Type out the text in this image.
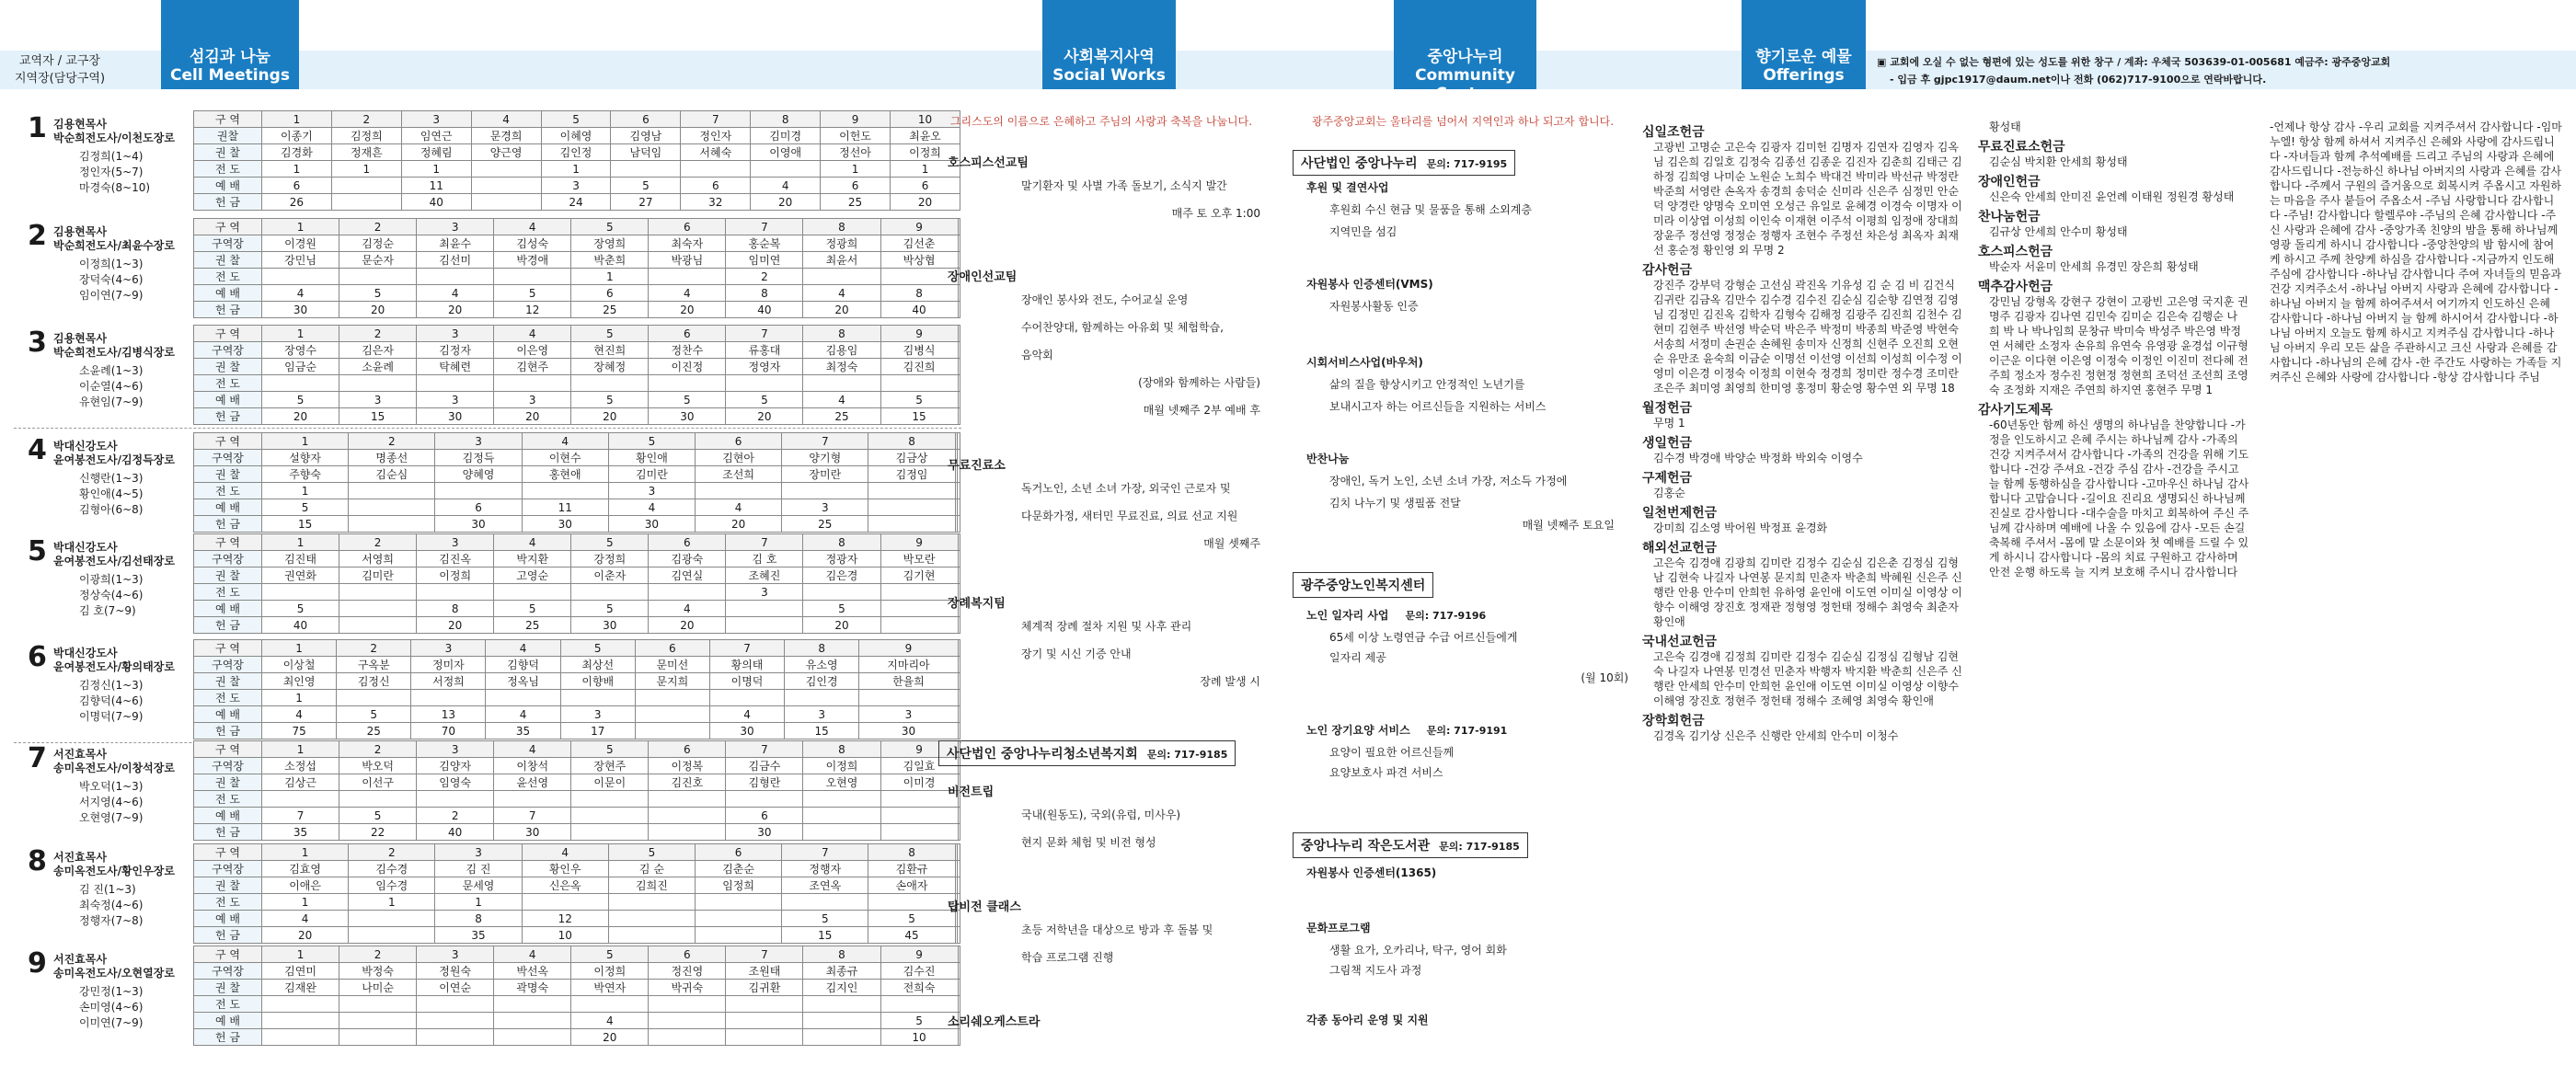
교역자 / 교구장
지역장(담당구역)
섬김과 나눔
Cell Meetings
사회복지사역
Social Works
중앙나누리
Community Center
향기로운 예물
Offerings
▣ 교회에 오실 수 없는 형편에 있는 성도를 위한 창구 / 계좌: 우체국 503639-01-005681 예금주: 광주중앙교회
- 입금 후 gjpc1917@daum.net이나 전화 (062)717-9100으로 연락바랍니다.
1 김용현목사
박순희전도사/이천도장로
김정희(1~4)
정인자(5~7)
마경숙(8~10)
구 역	1	2	3	4	5	6	7	8	9	10
권찰	이종기	김정희	임연근	문경희	이혜영	김영남	정인자	김미경	이헌도	최윤오
권 찰	김경화	정재흔	정혜림	양근영	김인정	남덕임	서혜숙	이영애	정선아	이정희
전 도	1	1	1		1				1	1
예 배	6		11		3	5	6	4	6	6
헌 금	26		40		24	27	32	20	25	20
2 김용현목사
박순희전도사/최윤수장로
이정희(1~3)
장덕숙(4~6)
임이연(7~9)
구 역	1	2	3	4	5	6	7	8	9	
구역장	이경원	김정순	최윤수	김성숙	장영희	최숙자	홍순복	정광희	김선춘	
권 찰	강민님	문순자	김선미	박경애	박춘희	박광님	임미연	최윤서	박상협	
전 도					1		2			
예 배	4	5	4	5	6	4	8	4	8	
헌 금	30	20	20	12	25	20	40	20	40	
3 김용현목사
박순희전도사/김병식장로
소윤례(1~3)
이순열(4~6)
유현임(7~9)
구 역	1	2	3	4	5	6	7	8	9	
구역장	장영수	김은자	김정자	이은영	현진희	정찬수	류홍대	김용임	김병식	
권 찰	임금순	소윤례	탁혜련	김현주	장혜정	이진정	정영자	최정숙	김진희	
전 도										
예 배	5	3	3	3	5	5	5	4	5	
헌 금	20	15	30	20	20	30	20	25	15	
4 박대신강도사
윤여봉전도사/김정득장로
신행란(1~3)
황인애(4~5)
김형아(6~8)
구 역	1	2	3	4	5	6	7	8		
구역장	설향자	명종선	김정득	이현수	황인애	김현아	양기형	김금상		
권 찰	주향숙	김순심	양혜영	홍현애	김미란	조선희	장미란	김정임		
전 도	1				3					
예 배	5		6	11	4	4	3			
헌 금	15		30	30	30	20	25			
5 박대신강도사
윤여봉전도사/김선태장로
이광희(1~3)
정상숙(4~6)
김 호(7~9)
구 역	1	2	3	4	5	6	7	8	9	
구역장	김진태	서영희	김진옥	박지환	강정희	김광숙	김 호	정광자	박모란	
권 찰	권연화	김미란	이정희	고영순	이춘자	김연실	조혜진	김은경	김기현	
전 도							3			
예 배	5		8	5	5	4		5		
헌 금	40		20	25	30	20		20		
6 박대신강도사
윤여봉전도사/황의태장로
김정신(1~3)
김향덕(4~6)
이명덕(7~9)
구 역	1	2	3	4	5	6	7	8	9	
구역장	이상철	구옥분	정미자	김향덕	최상선	문미선	황의태	유소영	지마리아	
권 찰	최인영	김정신	서정희	정옥님	이향배	문지희	이명덕	김인경	한율희	
전 도	1									
예 배	4	5	13	4	3		4	3	3	
헌 금	75	25	70	35	17		30	15	30	
7 서진효목사
송미옥전도사/이창석장로
박오덕(1~3)
서지영(4~6)
오현영(7~9)
구 역	1	2	3	4	5	6	7	8	9	
구역장	소정섭	박오덕	김양자	이창석	장현주	이정복	김금수	이정희	김일효	
권 찰	김상근	이선구	임영숙	윤선영	이문이	김진호	김형란	오현영	이미경	
전 도										
예 배	7	5	2	7			6			
헌 금	35	22	40	30			30			
8 서진효목사
송미옥전도사/황인우장로
김 진(1~3)
최숙정(4~6)
정행자(7~8)
구 역	1	2	3	4	5	6	7	8		
구역장	김효영	김수경	김 진	황인우	김 순	김춘순	정행자	김환규		
권 찰	이애은	임수경	문세영	신은옥	김희진	임정희	조연옥	손애자		
전 도	1	1	1							
예 배	4		8	12			5	5		
헌 금	20		35	10			15	45		
9 서진효목사
송미옥전도사/오현열장로
강민정(1~3)
손미영(4~6)
이미연(7~9)
구 역	1	2	3	4	5	6	7	8	9	
구역장	김연미	박정숙	정원숙	박선옥	이정희	정진영	조원태	최종규	김수진	
권 찰	김재완	나미순	이연순	곽명숙	박연자	박귀숙	김귀환	김지인	전희숙	
전 도										
예 배					4				5	
헌 금					20				10	
그리스도의 이름으로 은혜하고 주님의 사랑과 축복을 나눕니다.
호스피스선교팀
말기환자 및 사별 가족 돌보기, 소식지 발간
매주 토 오후 1:00
장애인선교팀
장애인 봉사와 전도, 수어교실 운영
수어찬양대, 함께하는 아유회 및 체험학습,
음악회
(장애와 함께하는 사람들)
매월 넷째주 2부 예배 후
무료진료소
독거노인, 소년 소녀 가장, 외국인 근로자 및
다문화가정, 새터민 무료진료, 의료 선교 지원
매월 셋째주
장례복지팀
체계적 장례 절차 지원 및 사후 관리
장기 및 시신 기증 안내
장례 발생 시
비전트립
국내(원동도), 국외(유럽, 미사우)
현지 문화 체험 및 비전 형성
탑비전 클래스
초등 저학년을 대상으로 방과 후 돌봄 및
학습 프로그램 진행
소리쉐오케스트라
사단법인 중앙나누리청소년복지회 문의: 717-9185
광주중앙교회는 울타리를 넘어서 지역인과 하나 되고자 합니다.
사단법인 중앙나누리 문의: 717-9195
후원 및 결연사업
후원회 수신 현금 및 물품을 통해 소외계층
지역민을 섬김
자원봉사 인증센터(VMS)
자원봉사활동 인증
시회서비스사업(바우처)
삶의 질을 향상시키고 안정적인 노년기를
보내시고자 하는 어르신들을 지원하는 서비스
반찬나눔
장애인, 독거 노인, 소년 소녀 가장, 저소득 가정에
김치 나누기 및 생필품 전달
매월 넷째주 토요일
광주중앙노인복지센터
노인 일자리 사업 문의: 717-9196
65세 이상 노령연금 수급 어르신들에게
일자리 제공
(월 10회)
노인 장기요양 서비스 문의: 717-9191
요양이 필요한 어르신들께
요양보호사 파견 서비스
중앙나누리 작은도서관 문의: 717-9185
자원봉사 인증센터(1365)
문화프로그램
생활 요가, 오카리나, 탁구, 영어 회화
그림책 지도사 과정
각종 동아리 운영 및 지원
십일조헌금
고광빈 고명순 고은숙 김광자 김미헌 김명자 김연자 김영자 김옥님 김은희 김일호 김정숙 김종선 김종운 김진자 김춘희 김태근 김하정 김희영 나미순 노원순 노희수 박대건 박미라 박선규 박정란 박준희 서영란 손옥자 송경희 송덕순 신미라 신은주 심정민 안순덕 양경란 양명숙 오미연 오성근 유일로 윤혜경 이경숙 이명자 이미라 이상엽 이성희 이인숙 이재현 이주석 이평희 임정애 장대희 장윤주 정선영 정정순 정행자 조현수 주정선 차은성 최옥자 최재선 홍순정 황인영 외 무명 2
감사헌금
강진주 강부덕 강형순 고선심 곽진옥 기유성 김 순 김 비 김건식 김귀란 김금옥 김만수 김수경 김수진 김순심 김순향 김연정 김영님 김정민 김진옥 김학자 김형숙 김해정 김광주 김진희 김천수 김현미 김현주 박선영 박순덕 박은주 박정미 박종희 박준영 박현숙 서송희 서정미 손권순 손혜원 송미자 신정희 신현주 오진희 오현순 유만조 윤숙희 이금순 이명선 이선영 이선희 이성희 이수정 이영미 이은경 이정숙 이정희 이현숙 정경희 정미란 정수경 조미란 조은주 최미영 최영희 한미영 홍정미 황순영 황수연 외 무명 18
월정헌금
무명 1
생일헌금
김수경 박경애 박양순 박정화 박외숙 이영수
구제헌금
김홍순
일천번제헌금
강미희 김소영 박어원 박정표 윤경화
해외선교헌금
고은숙 김경애 김광희 김미란 김정수 김순심 김은춘 김정심 김형남 김현숙 나길자 나연봉 문지희 민춘자 박춘희 박혜원 신은주 신행란 안용 안수미 안희헌 유하영 윤인애 이도연 이미실 이영상 이향수 이해영 장진호 정재관 정형영 정헌태 정해수 최영숙 최춘자 황인애
국내선교헌금
고은숙 김경애 김정희 김미란 김정수 김순심 김정심 김형남 김현숙 나길자 나연봉 민경선 민춘자 박행자 박지환 박춘희 신은주 신행란 안세희 안수미 안희헌 윤인애 이도연 이미실 이영상 이향수 이해영 장진호 정현주 정헌태 정해수 조혜영 최영숙 황인애
장학회헌금
김경옥 김기상 신은주 신행란 안세희 안수미 이청수
황성태
무료진료소헌금
김순심 박치환 안세희 황성태
장애인헌금
신은숙 안세희 안미진 윤언례 이태원 정원경 황성태
찬나눔헌금
김규상 안세희 안수미 황성태
호스피스헌금
박순자 서윤미 안세희 유경민 장은희 황성태
맥추감사헌금
강민님 강형옥 강현구 강현이 고광빈 고은영 국지훈 권명주 김광자 김나연 김민숙 김미순 김은숙 김행순 나 희 박 나 박나임희 문창규 박미숙 박성주 박은영 박정연 서혜란 소정자 손유희 유연숙 유영광 윤경섭 이규형 이근운 이다현 이은영 이정숙 이정인 이진미 전다혜 전주희 정소자 정수진 정현정 정현희 조덕선 조선희 조영숙 조정화 지재은 주연희 하지연 홍현주 무명 1
감사기도제목
-60년동안 함께 하신 생명의 하나님을 찬양합니다 -가정을 인도하시고 은혜 주시는 하나님께 감사 -가족의 건강 지켜주셔서 감사합니다 -가족의 건강을 위해 기도합니다 -건강 주셔요 -건강 주심 감사 -건강을 주시고 늘 함께 동행하심을 감사합니다 -고마우신 하나님 감사합니다 고맙습니다 -길이요 진리요 생명되신 하나님께 진실로 감사합니다 -대수술을 마치고 회복하여 주신 주님께 감사하며 예배에 나올 수 있음에 감사 -모든 손길 축복해 주셔서 -몸에 말 소문이와 첫 예배를 드릴 수 있게 하시니 감사합니다 -몸의 치료 구원하고 감사하며 안전 운행 하도록 늘 지켜 보호해 주시니 감사합니다
-언제나 항상 감사 -우리 교회를 지켜주셔서 감사합니다 -임마누엘! 항상 함께 하셔서 지켜주신 은혜와 사랑에 감사드립니다 -자녀들과 함께 추석예배를 드리고 주님의 사랑과 은혜에 감사드립니다 -전능하신 하나님 아버지의 사랑과 은혜를 감사합니다 -주께서 구원의 즐거움으로 회복시켜 주옵시고 자원하는 마음을 주사 붙들어 주옵소서 -주님 사랑합니다 감사합니다 -주님! 감사합니다 할렐루야 -주님의 은혜 감사합니다 -주신 사랑과 은혜에 감사 -중앙가족 친양의 밤을 통해 하나님께 영광 돌리게 하시니 감사합니다 -중앙찬양의 밤 함시에 참여케 하시고 주께 찬양케 하심을 감사합니다 -지금까지 인도해주심에 감사합니다 -하나님 감사합니다 주여 자녀들의 믿음과 건강 지켜주소서 -하나님 아버지 사랑과 은혜에 감사합니다 -하나님 아버지 늘 함께 하여주셔서 여기까지 인도하신 은혜 감사합니다 -하나님 아버지 늘 함께 하시어서 감사합니다 -하나님 아버지 오늘도 함께 하시고 지켜주심 감사합니다 -하나님 아버지 우리 모든 삶을 주관하시고 크신 사랑과 은혜를 감사합니다 -하나님의 은혜 감사 -한 주간도 사랑하는 가족들 지켜주신 은혜와 사랑에 감사합니다 -항상 감사합니다 주님
